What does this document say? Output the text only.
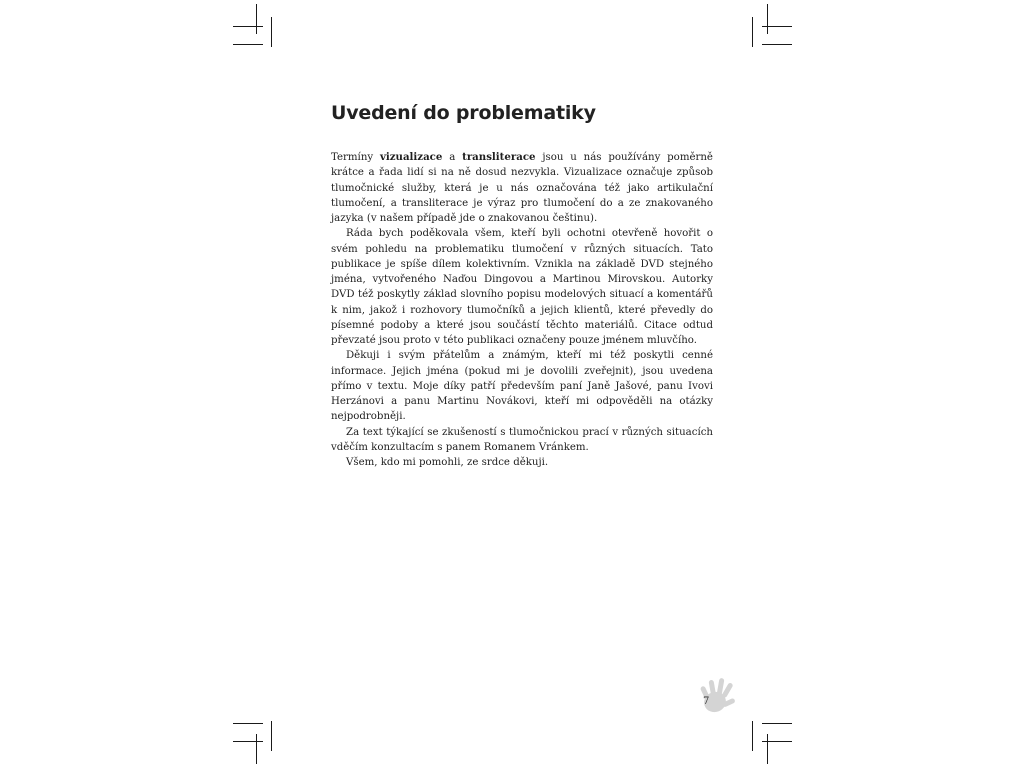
Uvedení do problematiky

Termíny vizualizace a transliterace jsou u nás používány poměrně krátce a řada lidí si na ně dosud nezvykla. Vizualizace označuje způsob tlumočnické služby, která je u nás označována též jako artikulační tlumočení, a transliterace je výraz pro tlumočení do a ze znakovaného jazyka (v našem případě jde o znakovanou češtinu).

Ráda bych poděkovala všem, kteří byli ochotni otevřeně hovořit o svém pohledu na problematiku tlumočení v různých situacích. Tato publikace je spíše dílem kolektivním. Vznikla na základě DVD stejného jména, vytvořeného Naďou Dingovou a Martinou Mirovskou. Autorky DVD též poskytly základ slovního popisu modelových situací a komentářů k nim, jakož i rozhovory tlumočníků a jejich klientů, které převedly do písemné podoby a které jsou součástí těchto materiálů. Citace odtud převzaté jsou proto v této publikaci označeny pouze jménem mluvčího.

Děkuji i svým přátelům a známým, kteří mi též poskytli cenné informace. Jejich jména (pokud mi je dovolili zveřejnit), jsou uvedena přímo v textu. Moje díky patří především paní Janě Jašové, panu Ivovi Herzánovi a panu Martinu Novákovi, kteří mi odpověděli na otázky nejpodrobněji.

Za text týkající se zkušeností s tlumočnickou prací v různých situacích vděčím konzultacím s panem Romanem Vránkem.

Všem, kdo mi pomohli, ze srdce děkuji.

7
